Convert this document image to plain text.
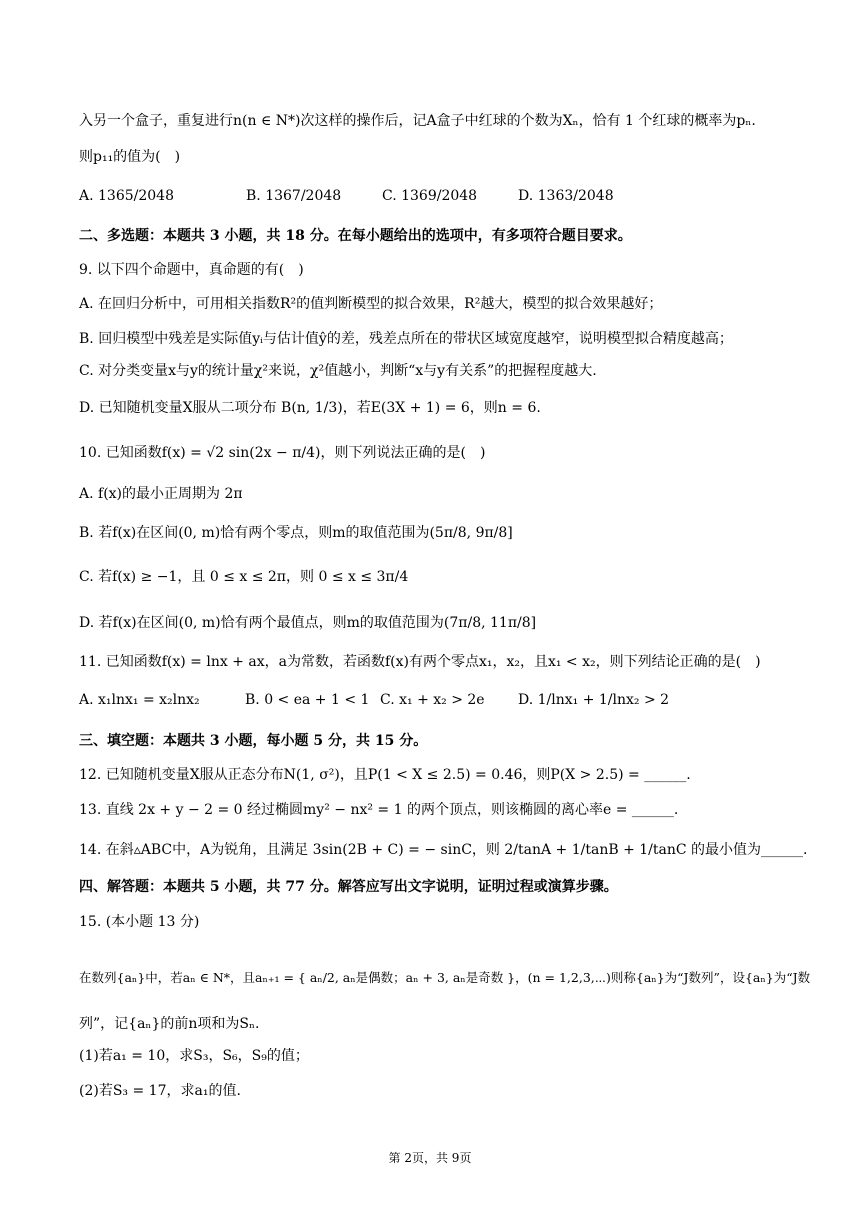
入另一个盒子，重复进行n(n ∈ N*)次这样的操作后，记A盒子中红球的个数为Xₙ，恰有 1 个红球的概率为pₙ.
则p₁₁的值为(　)
A. 1365/2048	B. 1367/2048	C. 1369/2048	D. 1363/2048
二、多选题：本题共 3 小题，共 18 分。在每小题给出的选项中，有多项符合题目要求。
9. 以下四个命题中，真命题的有(　)
A. 在回归分析中，可用相关指数R²的值判断模型的拟合效果，R²越大，模型的拟合效果越好；
B. 回归模型中残差是实际值yᵢ与估计值ŷ的差，残差点所在的带状区域宽度越窄，说明模型拟合精度越高；
C. 对分类变量x与y的统计量χ²来说，χ²值越小，判断“x与y有关系”的把握程度越大.
D. 已知随机变量X服从二项分布 B(n, 1/3)，若E(3X + 1) = 6，则n = 6.
10. 已知函数f(x) = √2 sin(2x − π/4)，则下列说法正确的是(　)
A. f(x)的最小正周期为 2π
B. 若f(x)在区间(0, m)恰有两个零点，则m的取值范围为(5π/8, 9π/8]
C. 若f(x) ≥ −1，且 0 ≤ x ≤ 2π，则 0 ≤ x ≤ 3π/4
D. 若f(x)在区间(0, m)恰有两个最值点，则m的取值范围为(7π/8, 11π/8]
11. 已知函数f(x) = lnx + ax，a为常数，若函数f(x)有两个零点x₁，x₂，且x₁ < x₂，则下列结论正确的是(　)
A. x₁lnx₁ = x₂lnx₂	B. 0 < ea + 1 < 1 C. x₁ + x₂ > 2e D. 1/lnx₁ + 1/lnx₂ > 2
三、填空题：本题共 3 小题，每小题 5 分，共 15 分。
12. 已知随机变量X服从正态分布N(1, σ²)，且P(1 < X ≤ 2.5) = 0.46，则P(X > 2.5) = ______.
13. 直线 2x + y − 2 = 0 经过椭圆my² − nx² = 1 的两个顶点，则该椭圆的离心率e = ______.
14. 在斜▵ABC中，A为锐角，且满足 3sin(2B + C) = − sinC，则 2/tanA + 1/tanB + 1/tanC 的最小值为______.
四、解答题：本题共 5 小题，共 77 分。解答应写出文字说明，证明过程或演算步骤。
15. (本小题 13 分)
在数列{aₙ}中，若aₙ ∈ N*，且aₙ₊₁ = { aₙ/2, aₙ是偶数；aₙ + 3, aₙ是奇数 }，(n = 1,2,3,⋯)则称{aₙ}为“J数列”，设{aₙ}为“J数
列”，记{aₙ}的前n项和为Sₙ.
(1)若a₁ = 10，求S₃，S₆，S₉的值；
(2)若S₃ = 17，求a₁的值.
第 2页，共 9页
